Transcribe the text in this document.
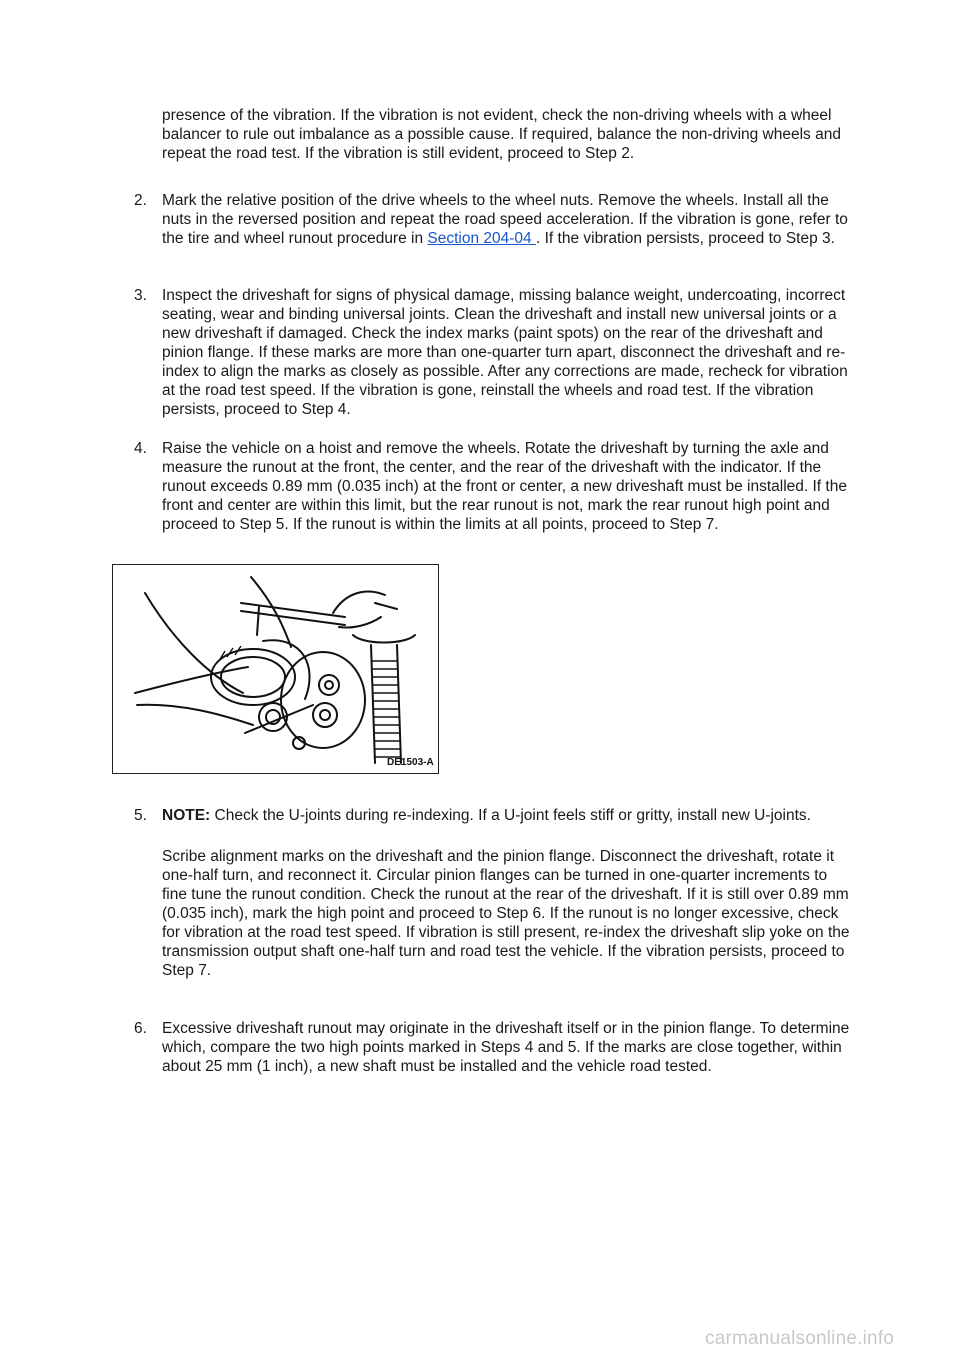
presence of the vibration. If the vibration is not evident, check the non-driving wheels with a wheel balancer to rule out imbalance as a possible cause. If required, balance the non-driving wheels and repeat the road test. If the vibration is still evident, proceed to Step 2.

2. Mark the relative position of the drive wheels to the wheel nuts. Remove the wheels. Install all the nuts in the reversed position and repeat the road speed acceleration. If the vibration is gone, refer to the tire and wheel runout procedure in Section 204-04 . If the vibration persists, proceed to Step 3.

3. Inspect the driveshaft for signs of physical damage, missing balance weight, undercoating, incorrect seating, wear and binding universal joints. Clean the driveshaft and install new universal joints or a new driveshaft if damaged. Check the index marks (paint spots) on the rear of the driveshaft and pinion flange. If these marks are more than one-quarter turn apart, disconnect the driveshaft and re-index to align the marks as closely as possible. After any corrections are made, recheck for vibration at the road test speed. If the vibration is gone, reinstall the wheels and road test. If the vibration persists, proceed to Step 4.

4. Raise the vehicle on a hoist and remove the wheels. Rotate the driveshaft by turning the axle and measure the runout at the front, the center, and the rear of the driveshaft with the indicator. If the runout exceeds 0.89 mm (0.035 inch) at the front or center, a new driveshaft must be installed. If the front and center are within this limit, but the rear runout is not, mark the rear runout high point and proceed to Step 5. If the runout is within the limits at all points, proceed to Step 7.

DE1503-A
5. NOTE: Check the U-joints during re-indexing. If a U-joint feels stiff or gritty, install new U-joints.

Scribe alignment marks on the driveshaft and the pinion flange. Disconnect the driveshaft, rotate it one-half turn, and reconnect it. Circular pinion flanges can be turned in one-quarter increments to fine tune the runout condition. Check the runout at the rear of the driveshaft. If it is still over 0.89 mm (0.035 inch), mark the high point and proceed to Step 6. If the runout is no longer excessive, check for vibration at the road test speed. If vibration is still present, re-index the driveshaft slip yoke on the transmission output shaft one-half turn and road test the vehicle. If the vibration persists, proceed to Step 7.

6. Excessive driveshaft runout may originate in the driveshaft itself or in the pinion flange. To determine which, compare the two high points marked in Steps 4 and 5. If the marks are close together, within about 25 mm (1 inch), a new shaft must be installed and the vehicle road tested.

carmanualsonline.info
